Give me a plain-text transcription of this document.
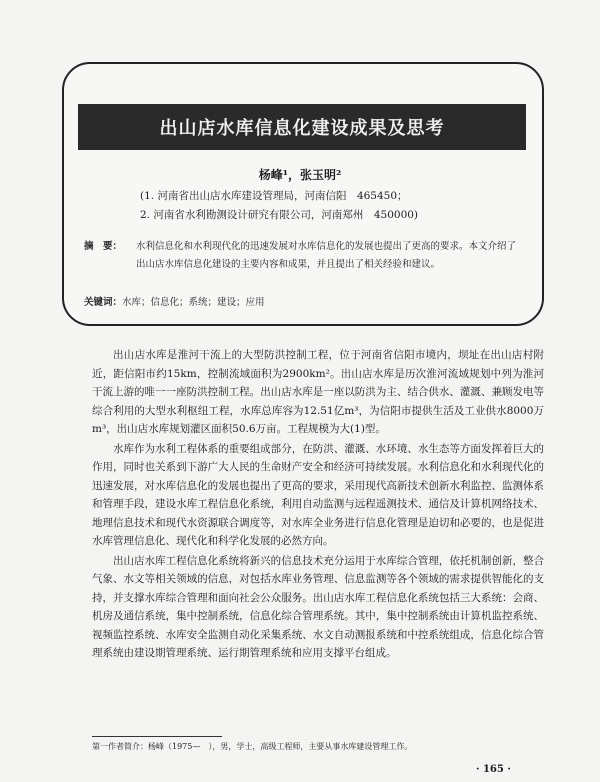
出山店水库信息化建设成果及思考
杨峰¹，张玉明²
(1. 河南省出山店水库建设管理局，河南信阳　465450；
2. 河南省水利勘测设计研究有限公司，河南郑州　450000)
摘　要： 水利信息化和水利现代化的迅速发展对水库信息化的发展也提出了更高的要求。本文介绍了出山店水库信息化建设的主要内容和成果，并且提出了相关经验和建议。
关键词：水库；信息化；系统；建设；应用

出山店水库是淮河干流上的大型防洪控制工程，位于河南省信阳市境内，坝址在出山店村附近，距信阳市约15km，控制流域面积为2900km²。出山店水库是历次淮河流域规划中列为淮河干流上游的唯一一座防洪控制工程。出山店水库是一座以防洪为主、结合供水、灌溉、兼顾发电等综合利用的大型水利枢纽工程，水库总库容为12.51亿m³，为信阳市提供生活及工业供水8000万m³，出山店水库规划灌区面积50.6万亩。工程规模为大(1)型。

水库作为水利工程体系的重要组成部分，在防洪、灌溉、水环境、水生态等方面发挥着巨大的作用，同时也关系到下游广大人民的生命财产安全和经济可持续发展。水利信息化和水利现代化的迅速发展，对水库信息化的发展也提出了更高的要求，采用现代高新技术创新水利监控、监测体系和管理手段，建设水库工程信息化系统，利用自动监测与远程遥测技术、通信及计算机网络技术、地理信息技术和现代水资源联合调度等，对水库全业务进行信息化管理是迫切和必要的，也是促进水库管理信息化、现代化和科学化发展的必然方向。

出山店水库工程信息化系统将新兴的信息技术充分运用于水库综合管理，依托机制创新，整合气象、水文等相关领域的信息，对包括水库业务管理、信息监测等各个领域的需求提供智能化的支持，并支撑水库综合管理和面向社会公众服务。出山店水库工程信息化系统包括三大系统：会商、机房及通信系统，集中控制系统，信息化综合管理系统。其中，集中控制系统由计算机监控系统、视频监控系统、水库安全监测自动化采集系统、水文自动测报系统和中控系统组成，信息化综合管理系统由建设期管理系统、运行期管理系统和应用支撑平台组成。

第一作者简介：杨峰（1975—　），男，学士，高级工程师，主要从事水库建设管理工作。
· 165 ·
